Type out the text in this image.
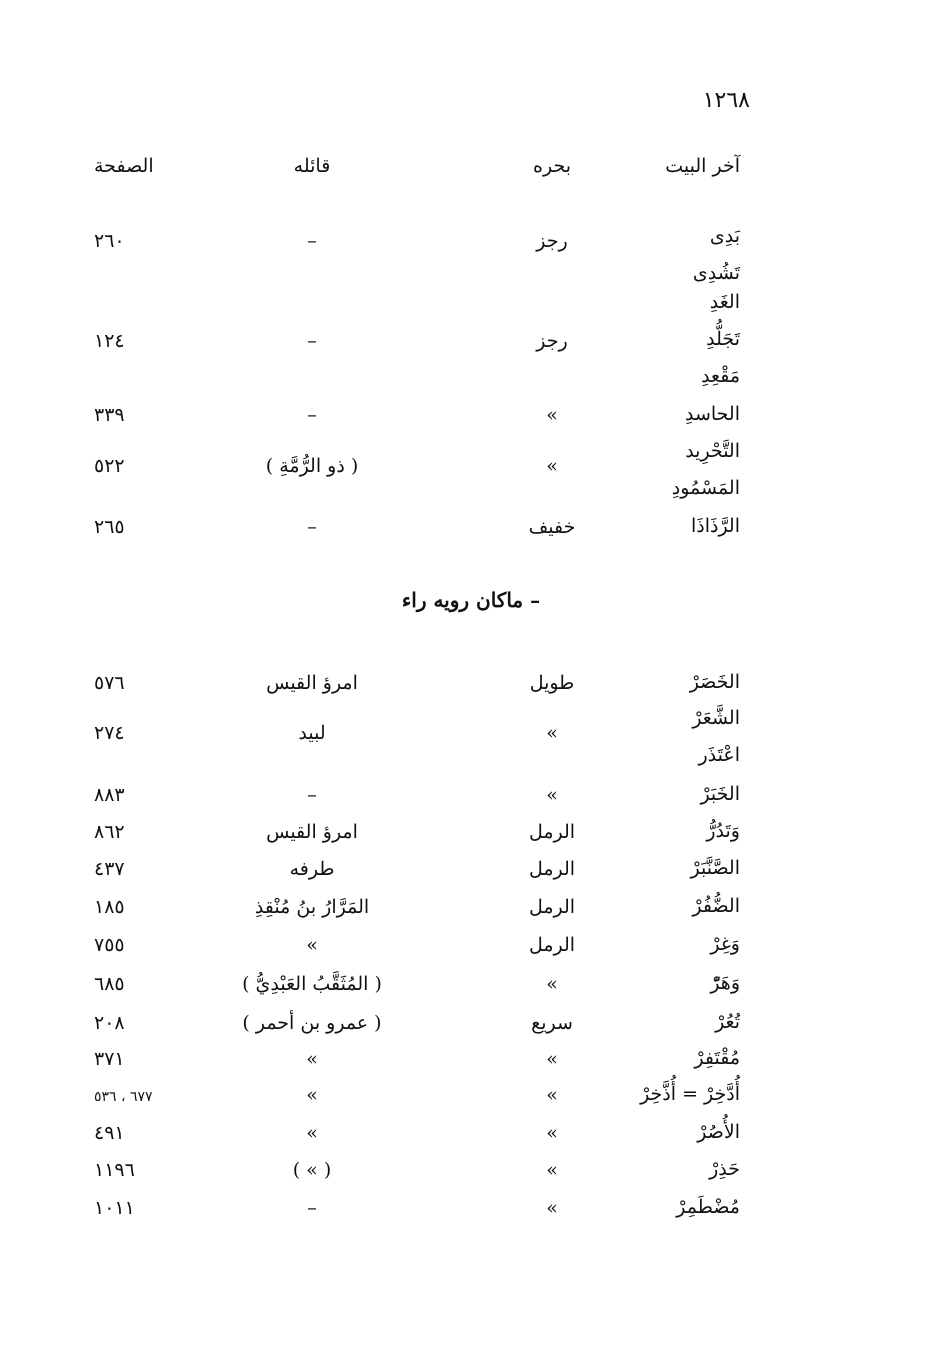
١٢٦٨
آخر البيت
بحره
قائله
الصفحة
بَدِى
تَشُدِى
رجز
–
٢٦٠
الغَدِ
تَجَلُّدِ
مَقْعِدِ
رجز
–
١٢٤
الحاسدِ
»
–
٣٣٩
التَّحْرِيد
المَسْمُودِ
»
( ذو الرُّمَّةِ )
٥٢٢
الرَّذَاذَا
خفيف
–
٢٦٥
– ماكان رويه راء
الخَصَرْ
طويل
امرؤ القيس
٥٧٦
الشَّعَرْ
اعْتَذَر
»
لبيد
٢٧٤
الخَبَرْ
»
–
٨٨٣
وَتَدُرُّ
الرمل
امرؤ القيس
٨٦٢
الصَّنَّبَرْ
الرمل
طرفه
٤٣٧
الضُّفُرْ
الرمل
المَرَّارُ بنُ مُنْقِذِ
١٨٥
وَغِرْ
الرمل
»
٧٥٥
وَهَرّْ
»
( المُثَقَّبُ العَبْدِيُّ )
٦٨٥
تُعُرْ
سريع
( عمرو بن أحمر )
٢٠٨
مُقْتَفِرْ
»
»
٣٧١
أُدَّخِرْ = أُذَّخِرْ
»
»
٦٧٧ ، ٥٣٦
الأُصُرْ
»
»
٤٩١
حَذِرْ
»
( » )
١١٩٦
مُضْطَمِرْ
»
–
١٠١١
